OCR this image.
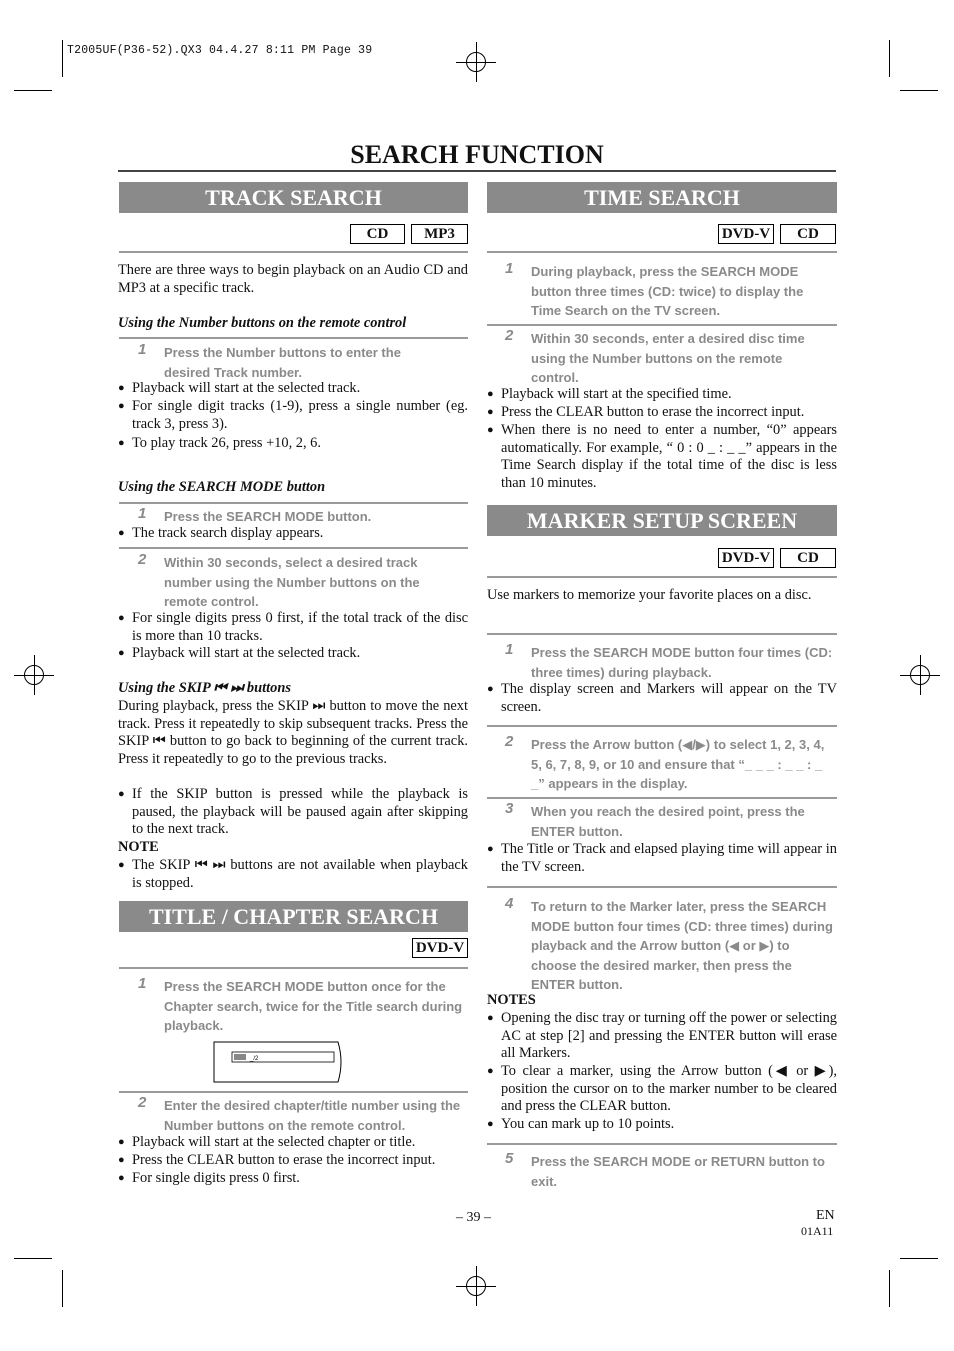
T2005UF(P36-52).QX3 04.4.27 8:11 PM Page 39
SEARCH FUNCTION
TRACK SEARCH
CD	MP3
There are three ways to begin playback on an Audio CD and MP3 at a specific track.
Using the Number buttons on the remote control
1 Press the Number buttons to enter the desired Track number.
● Playback will start at the selected track.
● For single digit tracks (1-9), press a single number (eg. track 3, press 3).
● To play track 26, press +10, 2, 6.
Using the SEARCH MODE button
1 Press the SEARCH MODE button.
● The track search display appears.
2 Within 30 seconds, select a desired track number using the Number buttons on the remote control.
● For single digits press 0 first, if the total track of the disc is more than 10 tracks.
● Playback will start at the selected track.
Using the SKIP ⏮ ⏭ buttons
During playback, press the SKIP ⏭ button to move the next track. Press it repeatedly to skip subsequent tracks. Press the SKIP ⏮ button to go back to beginning of the current track. Press it repeatedly to go to the previous tracks.
● If the SKIP button is pressed while the playback is paused, the playback will be paused again after skipping to the next track.
NOTE
● The SKIP ⏮ ⏭ buttons are not available when playback is stopped.
TITLE / CHAPTER SEARCH
DVD-V
1 Press the SEARCH MODE button once for the Chapter search, twice for the Title search during playback.
_/2
2 Enter the desired chapter/title number using the Number buttons on the remote control.
● Playback will start at the selected chapter or title.
● Press the CLEAR button to erase the incorrect input.
● For single digits press 0 first.
TIME SEARCH
DVD-V	CD
1 During playback, press the SEARCH MODE button three times (CD: twice) to display the Time Search on the TV screen.
2 Within 30 seconds, enter a desired disc time using the Number buttons on the remote control.
● Playback will start at the specified time.
● Press the CLEAR button to erase the incorrect input.
● When there is no need to enter a number, “0” appears automatically. For example, “ 0 : 0 _ : _ _” appears in the Time Search display if the total time of the disc is less than 10 minutes.
MARKER SETUP SCREEN
DVD-V	CD
Use markers to memorize your favorite places on a disc.
1 Press the SEARCH MODE button four times (CD: three times) during playback.
● The display screen and Markers will appear on the TV screen.
2 Press the Arrow button (◀/▶) to select 1, 2, 3, 4, 5, 6, 7, 8, 9, or 10 and ensure that “_ _ _ : _ _ : _ _” appears in the display.
3 When you reach the desired point, press the ENTER button.
● The Title or Track and elapsed playing time will appear in the TV screen.
4 To return to the Marker later, press the SEARCH MODE button four times (CD: three times) during playback and the Arrow button (◀ or ▶) to choose the desired marker, then press the ENTER button.
NOTES
● Opening the disc tray or turning off the power or selecting AC at step [2] and pressing the ENTER button will erase all Markers.
● To clear a marker, using the Arrow button (◀ or ▶), position the cursor on to the marker number to be cleared and press the CLEAR button.
● You can mark up to 10 points.
5 Press the SEARCH MODE or RETURN button to exit.
– 39 –	EN
01A11
